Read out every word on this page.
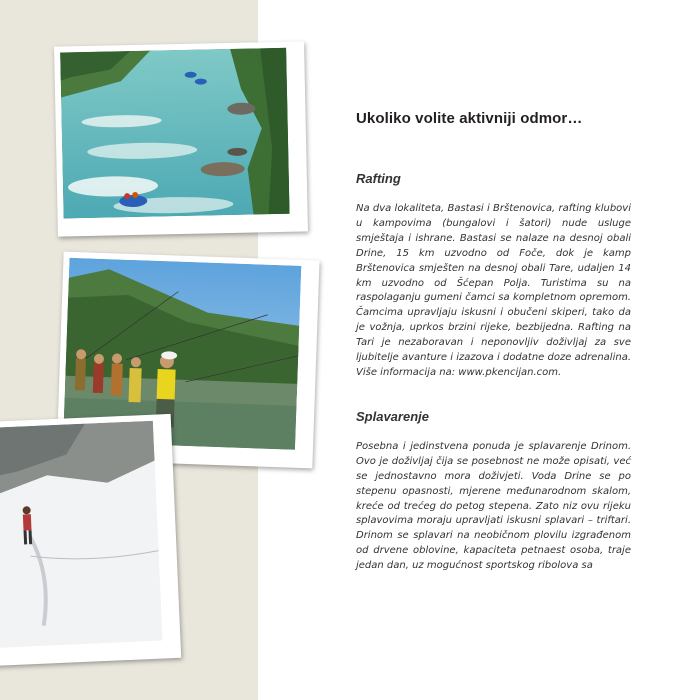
Ukoliko volite aktivniji odmor…
Rafting

Na dva lokaliteta, Bastasi i Brštenovica, rafting klubovi u kampovima (bungalovi i šatori) nude usluge smještaja i ishrane. Bastasi se nalaze na desnoj obali Drine, 15 km uzvodno od Foče, dok je kamp Brštenovica smješten na desnoj obali Tare, udaljen 14 km uzvodno od Šćepan Polja. Turistima su na raspolaganju gumeni čamci sa kompletnom opremom. Čamcima upravljaju iskusni i obučeni skiperi, tako da je vožnja, uprkos brzini rijeke, bezbijedna. Rafting na Tari je nezaboravan i neponovljiv doživljaj za sve ljubitelje avanture i izazova i dodatne doze adrenalina. Više informacija na: www.pkencijan.com.

Splavarenje

Posebna i jedinstvena ponuda je splavarenje Drinom. Ovo je doživljaj čija se posebnost ne može opisati, već se jednostavno mora doživjeti. Voda Drine se po stepenu opasnosti, mjerene međunarodnom skalom, kreće od trećeg do petog stepena. Zato niz ovu rijeku splavovima moraju upravljati iskusni splavari – triftari. Drinom se splavari na neobičnom plovilu izgrađenom od drvene oblovine, kapaciteta petnaest osoba, traje jedan dan, uz mogućnost sportskog ribolova sa
